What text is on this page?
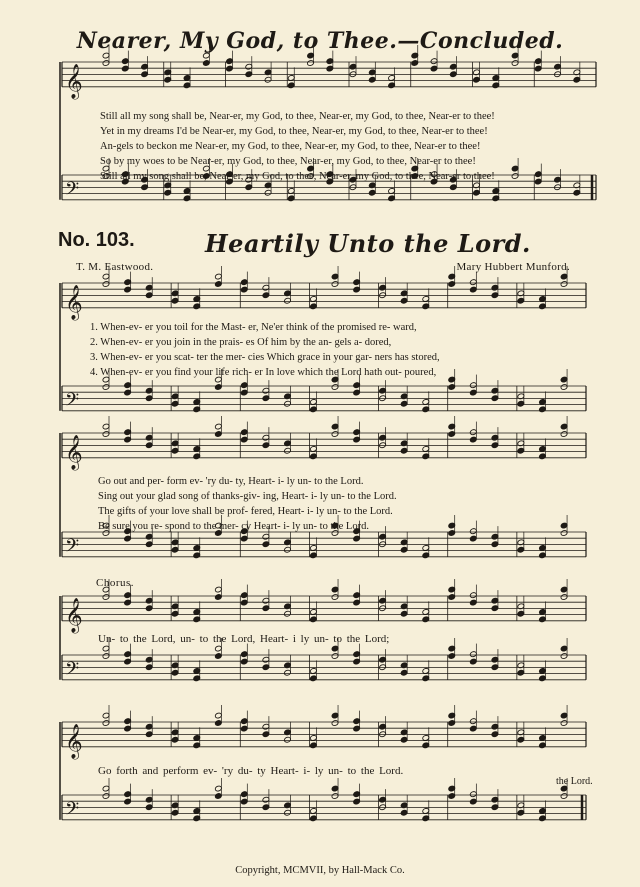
𝄞
𝄢
𝄞
𝄢
𝄞
𝄢
𝄞
𝄢
𝄞
𝄢
Nearer, My God, to Thee.—Concluded.
Still all my song shall be, Near-er, my God, to thee, Near-er, my God, to thee, Near-er to thee!
Yet in my dreams I'd be Near-er, my God, to thee, Near-er, my God, to thee, Near-er to thee!
An-gels to beckon me Near-er, my God, to thee, Near-er, my God, to thee, Near-er to thee!
So by my woes to be Near-er, my God, to thee, Near-er, my God, to thee, Near-er to thee!
Still all my song shall be, Near-er, my God, to thee, Near-er, my God, to thee, Near-er to thee!
No. 103.	Heartily Unto the Lord.
T. M. Eastwood.	Mary Hubbert Munford.
1. When-ev- er you toil for the Mast- er, Ne'er think of the promised re- ward,
2. When-ev- er you join in the prais- es Of him by the an- gels a- dored,
3. When-ev- er you scat- ter the mer- cies Which grace in your gar- ners has stored,
4. When-ev- er you find your life rich- er In love which the Lord hath out- poured,
Go out and per- form ev- 'ry du- ty, Heart- i- ly un- to the Lord.
Sing out your glad song of thanks-giv- ing, Heart- i- ly un- to the Lord.
The gifts of your love shall be prof- fered, Heart- i- ly un- to the Lord.
Be sure you re- spond to the mer- cy Heart- i- ly un- to the Lord.
Chorus.
Un- to the Lord, un- to the Lord, Heart- i ly un- to the Lord;
Go forth and perform ev- 'ry du- ty Heart- i- ly un- to the Lord.
the Lord.
Copyright, MCMVII, by Hall-Mack Co.
